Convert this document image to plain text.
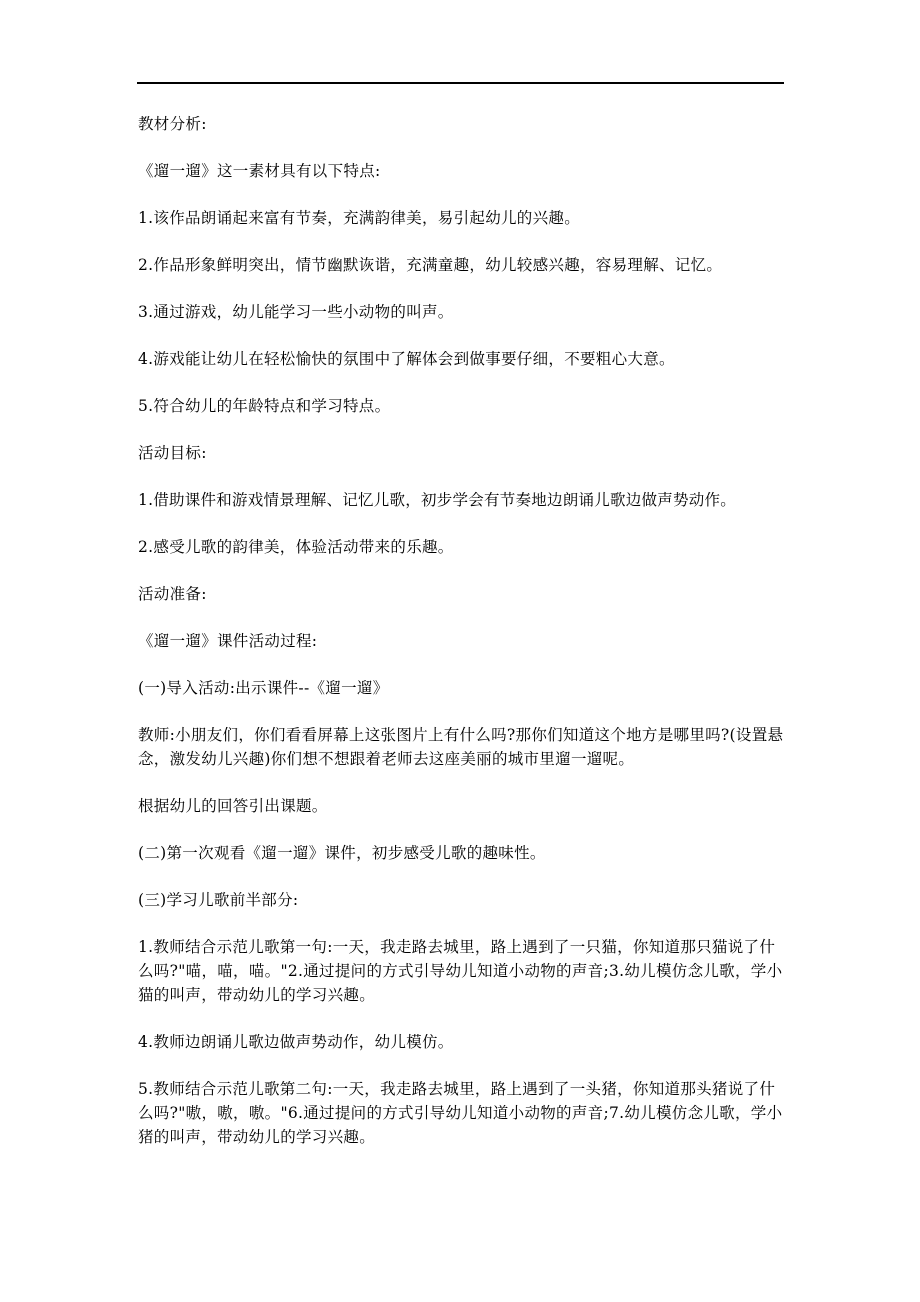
教材分析:

《遛一遛》这一素材具有以下特点:

1.该作品朗诵起来富有节奏，充满韵律美，易引起幼儿的兴趣。

2.作品形象鲜明突出，情节幽默诙谐，充满童趣，幼儿较感兴趣，容易理解、记忆。

3.通过游戏，幼儿能学习一些小动物的叫声。

4.游戏能让幼儿在轻松愉快的氛围中了解体会到做事要仔细，不要粗心大意。

5.符合幼儿的年龄特点和学习特点。

活动目标:

1.借助课件和游戏情景理解、记忆儿歌，初步学会有节奏地边朗诵儿歌边做声势动作。

2.感受儿歌的韵律美，体验活动带来的乐趣。

活动准备:

《遛一遛》课件活动过程:

(一)导入活动:出示课件--《遛一遛》

教师:小朋友们，你们看看屏幕上这张图片上有什么吗?那你们知道这个地方是哪里吗?(设置悬念，激发幼儿兴趣)你们想不想跟着老师去这座美丽的城市里遛一遛呢。

根据幼儿的回答引出课题。

(二)第一次观看《遛一遛》课件，初步感受儿歌的趣味性。

(三)学习儿歌前半部分:

1.教师结合示范儿歌第一句:一天，我走路去城里，路上遇到了一只猫，你知道那只猫说了什么吗?"喵，喵，喵。"2.通过提问的方式引导幼儿知道小动物的声音;3.幼儿模仿念儿歌，学小猫的叫声，带动幼儿的学习兴趣。

4.教师边朗诵儿歌边做声势动作，幼儿模仿。

5.教师结合示范儿歌第二句:一天，我走路去城里，路上遇到了一头猪，你知道那头猪说了什么吗?"嗷，嗷，嗷。"6.通过提问的方式引导幼儿知道小动物的声音;7.幼儿模仿念儿歌，学小猪的叫声，带动幼儿的学习兴趣。
